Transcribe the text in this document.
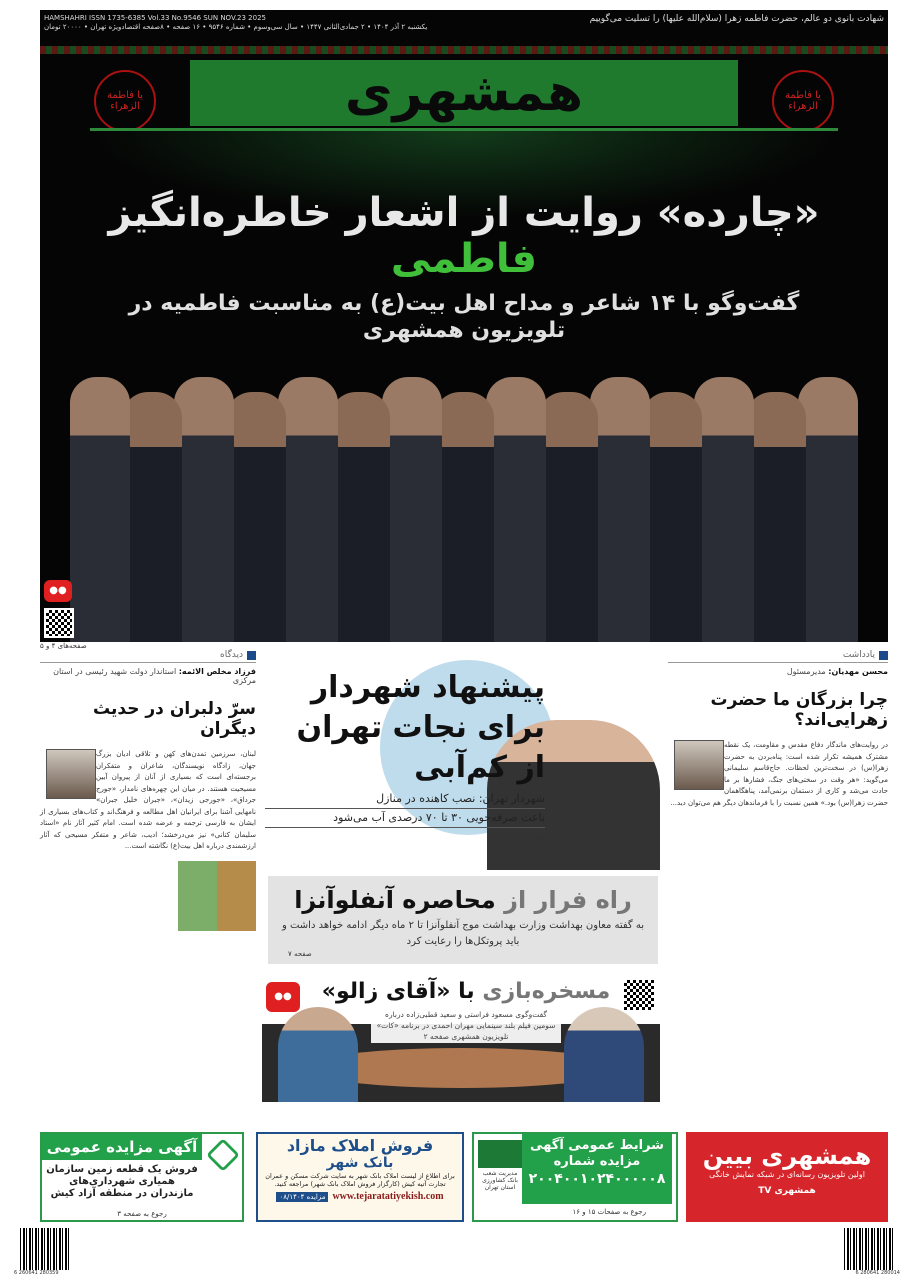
HAMSHAHRI ISSN 1735-6385 Vol.33 No.9546 SUN NOV.23 2025
یکشنبه ۲ آذر ۱۴۰۴ • ۲ جمادی‌الثانی ۱۴۴۷ • سال سی‌وسوم • شماره ۹۵۴۶ • ۱۶ صفحه • ۸صفحه‌ اقتصاد‌ویژه تهران • ۲۰۰۰۰ تومان
شهادت بانوی دو عالم، حضرت فاطمه زهرا (سلام‌الله علیها) را تسلیت می‌گوییم
یا فاطمة الزهراء
یا فاطمة الزهراء
همشهری
«چارده» روایت از اشعار خاطره‌انگیز فاطمی
گفت‌و‌گو با ۱۴ شاعر و مداح اهل بیت(ع) به مناسبت فاطمیه در تلویزیون همشهری
●●
صفحه‌های ۴ و ۵
دیدگاه
فرزاد مخلص الائمه: استاندار دولت شهید رئیسی در استان مرکزی
سرّ دلبران در حدیث دیگران
لبنان، سرزمین تمدن‌های کهن و تلاقی ادیان بزرگ جهان، زادگاه نویسندگان، شاعران و متفکران برجسته‌ای است که بسیاری از آنان از پیروان آیین مسیحیت هستند. در میان این چهره‌های نامدار، «جورج جرداق»، «جورجی زیدان»، «جبران خلیل جبران» نامهایی آشنا برای ایرانیان اهل مطالعه و فرهنگ‌اند و کتاب‌های بسیاری از ایشان به فارسی ترجمه و عرضه شده است. امام کثیر آثار نام «استاد سلیمان کتانی» نیز می‌درخشد؛ ادیب، شاعر و متفکر مسیحی که آثار ارزشمندی درباره اهل بیت(ع) نگاشته است...
پیشنهاد شهردار
برای نجات تهران
از کم‌آبی
شهردار تهران: نصب کاهنده در منازل
باعث صرفه‌جویی ۳۰ تا ۷۰ درصدی آب می‌شود
صفحه ۱۲
راه فرار از محاصره آنفلوآنزا

به گفته معاون بهداشت وزارت بهداشت موج آنفلوآنزا تا ۲ ماه دیگر ادامه خواهد داشت و باید پروتکل‌ها را رعایت کرد

صفحه ۷
●●	مسخره‌بازی با «آقای زالو»

گفت‌وگوی مسعود فراستی و سعید قطبی‌زاده درباره سومین فیلم بلند سینمایی مهران احمدی در برنامه «کات» تلویزیون همشهری صفحه ۲

یادداشت
محسن مهدیان: مدیرمسئول
چرا بزرگان ما حضرت زهرایی‌اند؟
در روایت‌های ماندگار دفاع مقدس و مقاومت، یک نقطه مشترک همیشه تکرار شده است: پناه‌بردن به حضرت زهرا(س) در سخت‌ترین لحظات. حاج‌قاسم سلیمانی می‌گوید: «هر وقت در سختی‌های جنگ، فشارها بر ما حادث می‌شد و کاری از دستمان برنمی‌آمد، پناهگاهمان حضرت زهرا(س) بود.» همین نسبت را با فرماندهان دیگر هم می‌توان دید...
همشهری بیین
اولین تلویزیون رسانه‌ای در شبکه نمایش خانگی
همشهری TV
شرایط عمومی آگهی مزایده شماره
۲۰۰۴۰۰۱۰۲۴۰۰۰۰۰۸
مدیریت شعب بانک کشاورزی استان تهران
رجوع به صفحات ۱۵ و ۱۶
فروش املاک مازاد
بانک شهر
برای اطلاع از لیست املاک بانک شهر به سایت شرکت مسکن و عمران تجارت آتیه کیش (کارگزار فروش املاک بانک شهر) مراجعه کنید.
مزایده ۰۸/۱۴۰۴ www.tejaratatiyekish.com
آگهی مزایده عمومی
فروش یک قطعه زمین سازمان همیاری شهرداری‌های مازندران در منطقه آزاد کیش
رجوع به صفحه ۳
6 260641 280359	6 280641 280014
